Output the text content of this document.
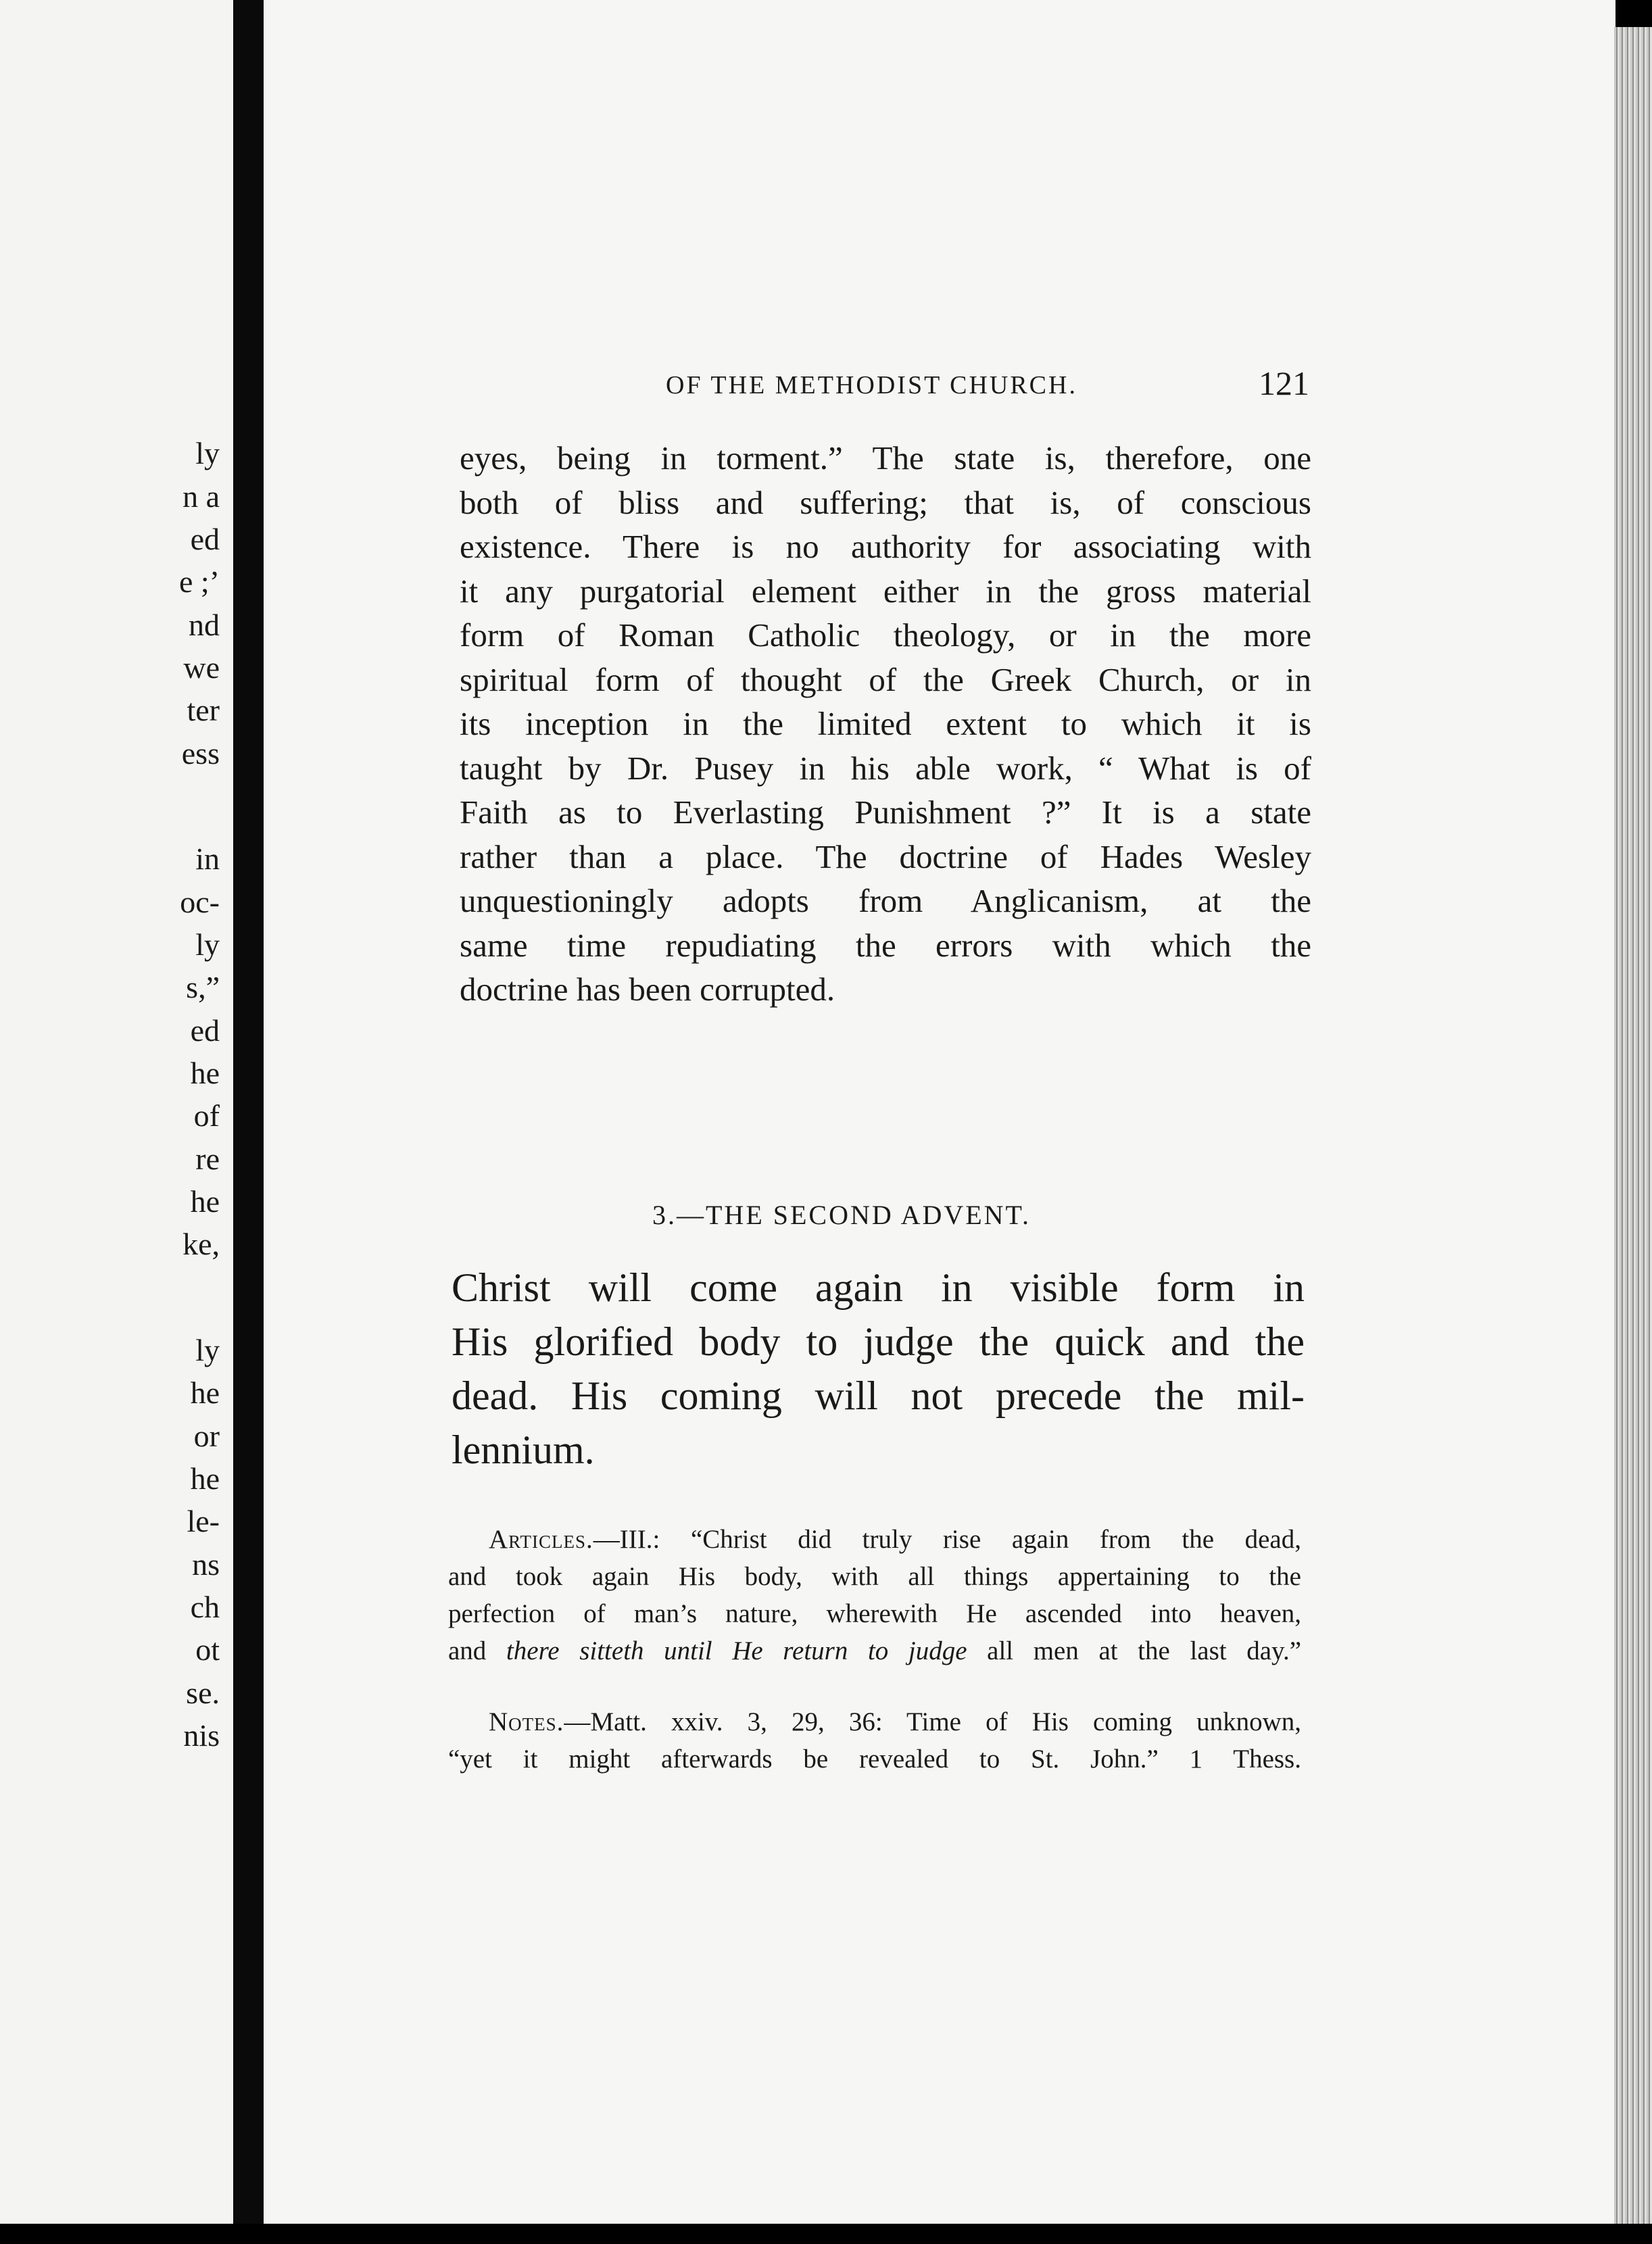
ly
n a
ed
e ;’
nd
we
ter
ess
in
oc-
ly
s,”
ed
he
of
re
he
ke,
ly
he
or
he
le-
ns
ch
ot
se.
nis
OF THE METHODIST CHURCH.	121
eyes, being in torment.” The state is, therefore, one
both of bliss and suffering; that is, of conscious
existence. There is no authority for associating with
it any purgatorial element either in the gross material
form of Roman Catholic theology, or in the more
spiritual form of thought of the Greek Church, or in
its inception in the limited extent to which it is
taught by Dr. Pusey in his able work, “ What is of
Faith as to Everlasting Punishment ?” It is a state
rather than a place. The doctrine of Hades Wesley
unquestioningly adopts from Anglicanism, at the
same time repudiating the errors with which the
doctrine has been corrupted.
3.—THE SECOND ADVENT.
Christ will come again in visible form in
His glorified body to judge the quick and the
dead. His coming will not precede the mil-
lennium.
Articles.—III.: “Christ did truly rise again from the dead,
and took again His body, with all things appertaining to the
perfection of man’s nature, wherewith He ascended into heaven,
and there sitteth until He return to judge all men at the last day.”
Notes.—Matt. xxiv. 3, 29, 36: Time of His coming unknown,
“yet it might afterwards be revealed to St. John.” 1 Thess.
